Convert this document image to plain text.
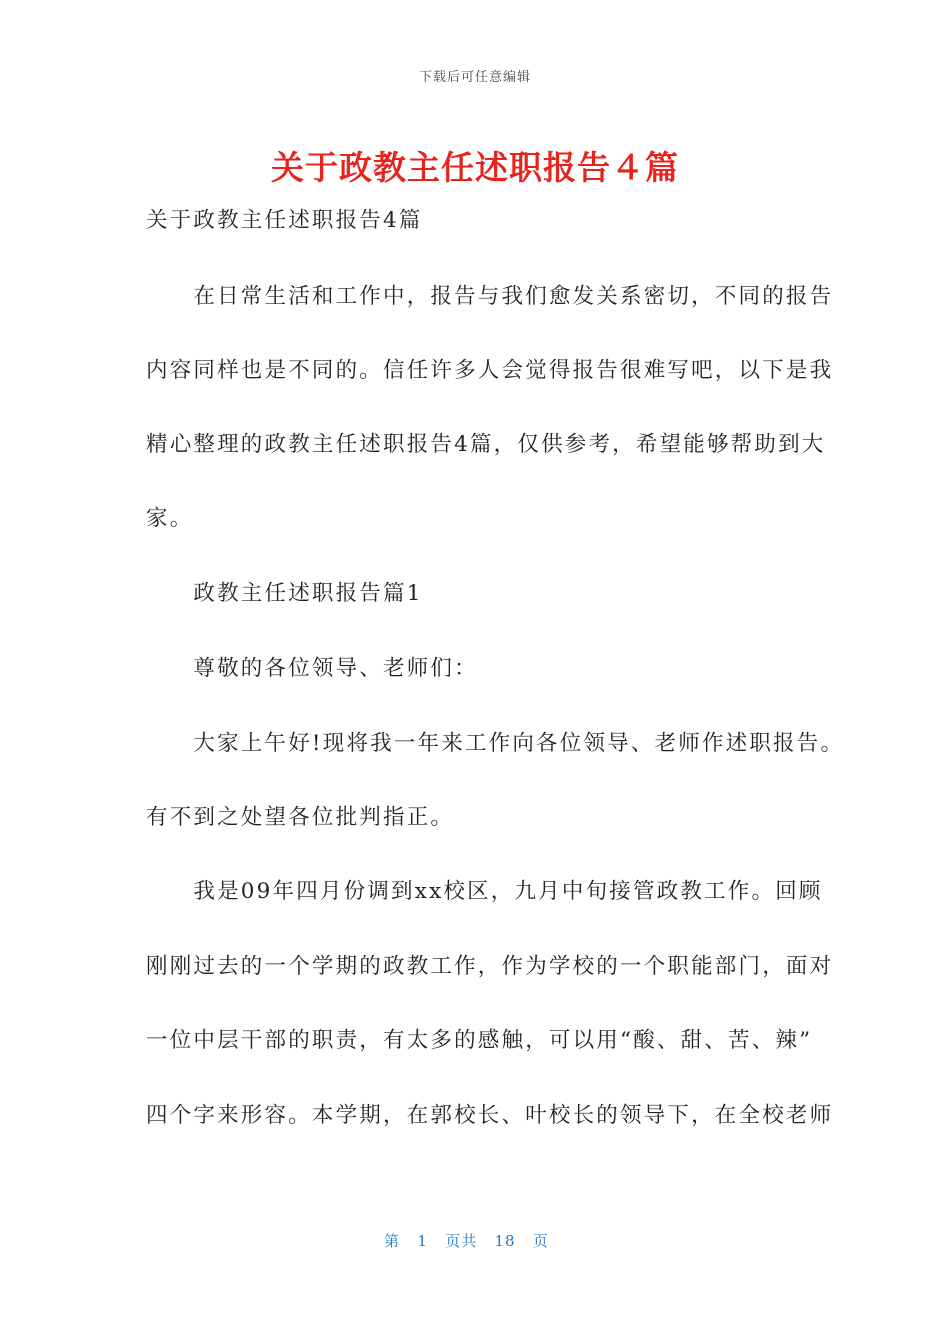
下载后可任意编辑
关于政教主任述职报告４篇
关于政教主任述职报告4篇
　　在日常生活和工作中，报告与我们愈发关系密切，不同的报告
内容同样也是不同的。信任许多人会觉得报告很难写吧，以下是我
精心整理的政教主任述职报告4篇，仅供参考，希望能够帮助到大
家。
　　政教主任述职报告篇1
　　尊敬的各位领导、老师们：
　　大家上午好!现将我一年来工作向各位领导、老师作述职报告。
有不到之处望各位批判指正。
　　我是09年四月份调到xx校区，九月中旬接管政教工作。回顾
刚刚过去的一个学期的政教工作，作为学校的一个职能部门，面对
一位中层干部的职责，有太多的感触，可以用“酸、甜、苦、辣”
四个字来形容。本学期，在郭校长、叶校长的领导下，在全校老师
第 1 页共 18 页
